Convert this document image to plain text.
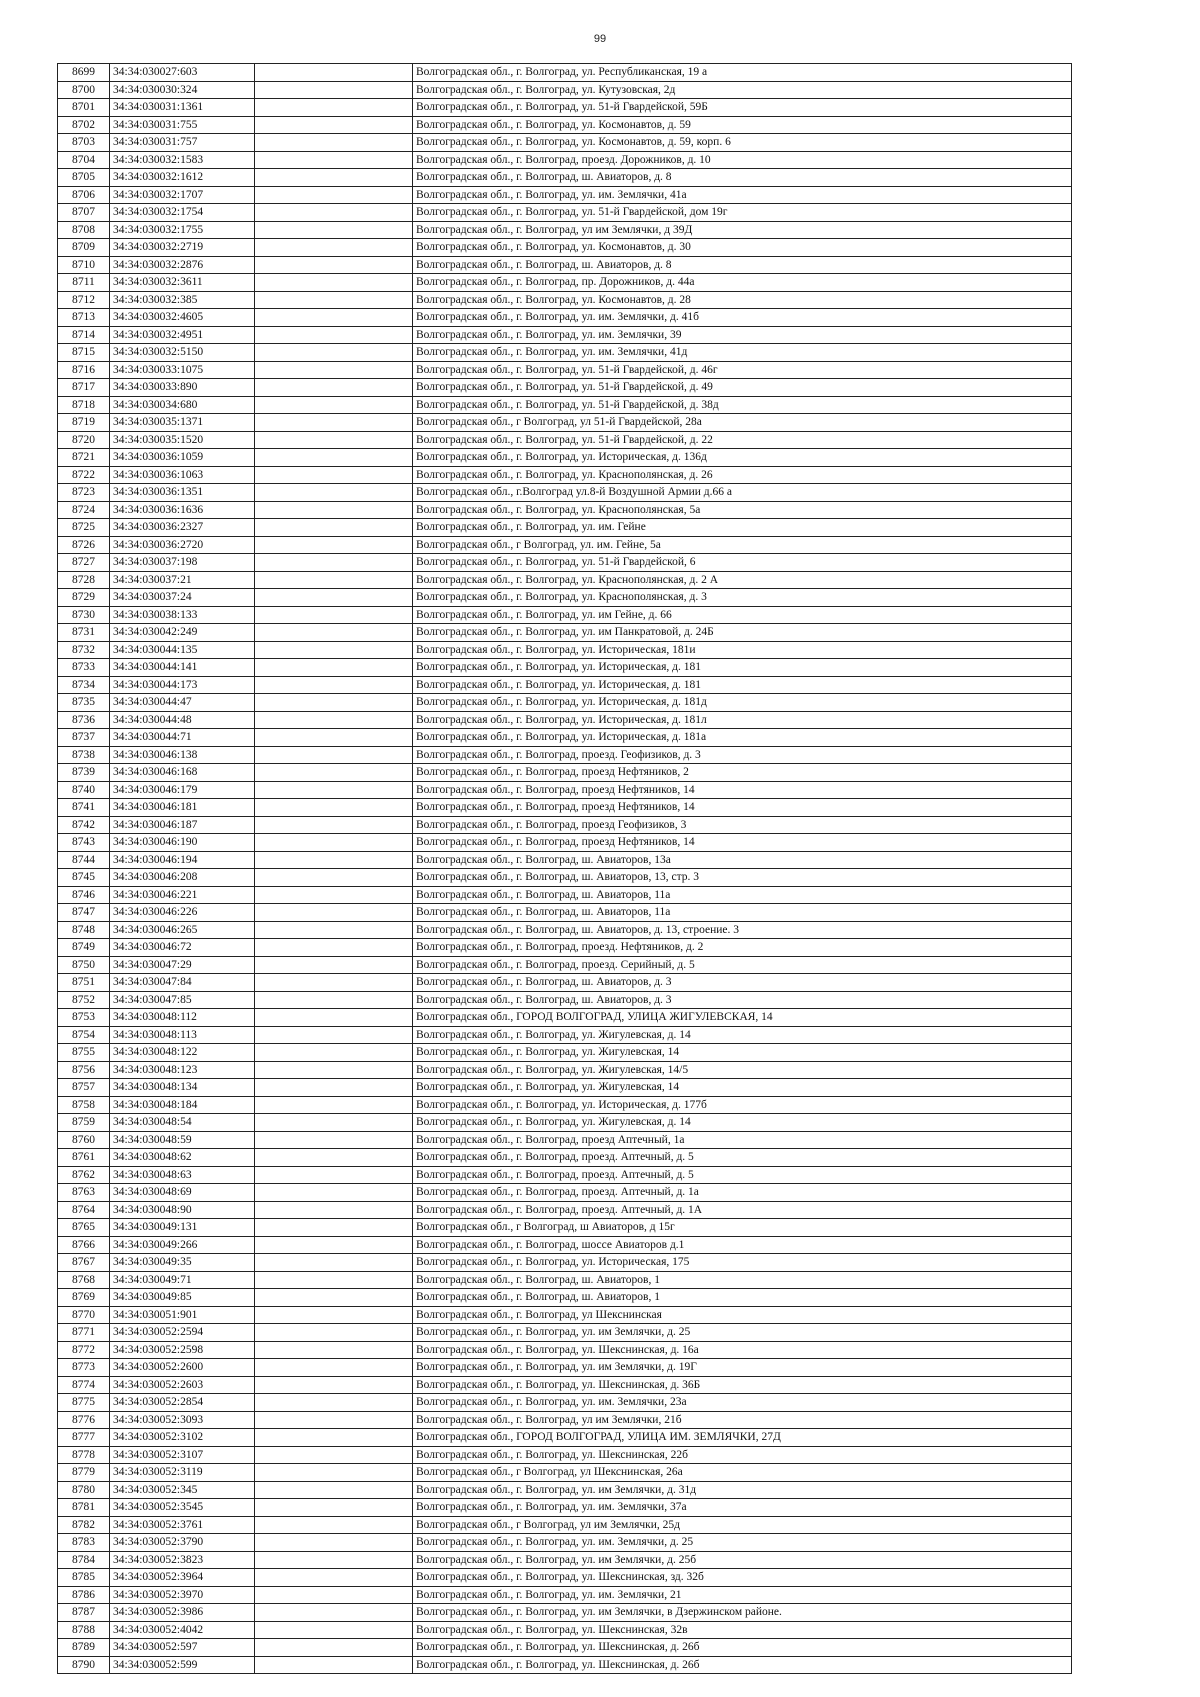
99
8699	34:34:030027:603		Волгоградская обл., г. Волгоград, ул. Республиканская, 19 а
8700	34:34:030030:324		Волгоградская обл., г. Волгоград, ул. Кутузовская, 2д
8701	34:34:030031:1361		Волгоградская обл., г. Волгоград, ул. 51-й Гвардейской, 59Б
8702	34:34:030031:755		Волгоградская обл., г. Волгоград, ул. Космонавтов, д. 59
8703	34:34:030031:757		Волгоградская обл., г. Волгоград, ул. Космонавтов, д. 59, корп. 6
8704	34:34:030032:1583		Волгоградская обл., г. Волгоград, проезд. Дорожников, д. 10
8705	34:34:030032:1612		Волгоградская обл., г. Волгоград, ш. Авиаторов, д. 8
8706	34:34:030032:1707		Волгоградская обл., г. Волгоград, ул. им. Землячки, 41а
8707	34:34:030032:1754		Волгоградская обл., г. Волгоград, ул. 51-й Гвардейской, дом 19г
8708	34:34:030032:1755		Волгоградская обл., г. Волгоград, ул им Землячки, д 39Д
8709	34:34:030032:2719		Волгоградская обл., г. Волгоград, ул. Космонавтов, д. 30
8710	34:34:030032:2876		Волгоградская обл., г. Волгоград, ш. Авиаторов, д. 8
8711	34:34:030032:3611		Волгоградская обл., г. Волгоград, пр. Дорожников, д. 44а
8712	34:34:030032:385		Волгоградская обл., г. Волгоград, ул. Космонавтов, д. 28
8713	34:34:030032:4605		Волгоградская обл., г. Волгоград, ул. им. Землячки, д. 41б
8714	34:34:030032:4951		Волгоградская обл., г. Волгоград, ул. им. Землячки, 39
8715	34:34:030032:5150		Волгоградская обл., г. Волгоград, ул. им. Землячки, 41д
8716	34:34:030033:1075		Волгоградская обл., г. Волгоград, ул. 51-й Гвардейской, д. 46г
8717	34:34:030033:890		Волгоградская обл., г. Волгоград, ул. 51-й Гвардейской, д. 49
8718	34:34:030034:680		Волгоградская обл., г. Волгоград, ул. 51-й Гвардейской, д. 38д
8719	34:34:030035:1371		Волгоградская обл., г Волгоград, ул 51-й Гвардейской, 28а
8720	34:34:030035:1520		Волгоградская обл., г. Волгоград, ул. 51-й Гвардейской, д. 22
8721	34:34:030036:1059		Волгоградская обл., г. Волгоград, ул. Историческая, д. 136д
8722	34:34:030036:1063		Волгоградская обл., г. Волгоград, ул. Краснополянская, д. 26
8723	34:34:030036:1351		Волгоградская обл., г.Волгоград ул.8-й Воздушной Армии д.66 а
8724	34:34:030036:1636		Волгоградская обл., г. Волгоград, ул. Краснополянская, 5а
8725	34:34:030036:2327		Волгоградская обл., г. Волгоград, ул. им. Гейне
8726	34:34:030036:2720		Волгоградская обл., г Волгоград, ул. им. Гейне, 5а
8727	34:34:030037:198		Волгоградская обл., г. Волгоград, ул. 51-й Гвардейской, 6
8728	34:34:030037:21		Волгоградская обл., г. Волгоград, ул. Краснополянская, д. 2 А
8729	34:34:030037:24		Волгоградская обл., г. Волгоград, ул. Краснополянская, д. 3
8730	34:34:030038:133		Волгоградская обл., г. Волгоград, ул. им Гейне, д. 66
8731	34:34:030042:249		Волгоградская обл., г. Волгоград, ул. им Панкратовой, д. 24Б
8732	34:34:030044:135		Волгоградская обл., г. Волгоград, ул. Историческая, 181и
8733	34:34:030044:141		Волгоградская обл., г. Волгоград, ул. Историческая, д. 181
8734	34:34:030044:173		Волгоградская обл., г. Волгоград, ул. Историческая, д. 181
8735	34:34:030044:47		Волгоградская обл., г. Волгоград, ул. Историческая, д. 181д
8736	34:34:030044:48		Волгоградская обл., г. Волгоград, ул. Историческая, д. 181л
8737	34:34:030044:71		Волгоградская обл., г. Волгоград, ул. Историческая, д. 181а
8738	34:34:030046:138		Волгоградская обл., г. Волгоград, проезд. Геофизиков, д. 3
8739	34:34:030046:168		Волгоградская обл., г. Волгоград, проезд Нефтяников, 2
8740	34:34:030046:179		Волгоградская обл., г. Волгоград, проезд Нефтяников, 14
8741	34:34:030046:181		Волгоградская обл., г. Волгоград, проезд Нефтяников, 14
8742	34:34:030046:187		Волгоградская обл., г. Волгоград, проезд Геофизиков, 3
8743	34:34:030046:190		Волгоградская обл., г. Волгоград, проезд Нефтяников, 14
8744	34:34:030046:194		Волгоградская обл., г. Волгоград, ш. Авиаторов, 13а
8745	34:34:030046:208		Волгоградская обл., г. Волгоград, ш. Авиаторов, 13, стр. 3
8746	34:34:030046:221		Волгоградская обл., г. Волгоград, ш. Авиаторов, 11а
8747	34:34:030046:226		Волгоградская обл., г. Волгоград, ш. Авиаторов, 11а
8748	34:34:030046:265		Волгоградская обл., г. Волгоград, ш. Авиаторов, д. 13, строение. 3
8749	34:34:030046:72		Волгоградская обл., г. Волгоград, проезд. Нефтяников, д. 2
8750	34:34:030047:29		Волгоградская обл., г. Волгоград, проезд. Серийный, д. 5
8751	34:34:030047:84		Волгоградская обл., г. Волгоград, ш. Авиаторов, д. 3
8752	34:34:030047:85		Волгоградская обл., г. Волгоград, ш. Авиаторов, д. 3
8753	34:34:030048:112		Волгоградская обл., ГОРОД ВОЛГОГРАД, УЛИЦА ЖИГУЛЕВСКАЯ, 14
8754	34:34:030048:113		Волгоградская обл., г. Волгоград, ул. Жигулевская, д. 14
8755	34:34:030048:122		Волгоградская обл., г. Волгоград, ул. Жигулевская, 14
8756	34:34:030048:123		Волгоградская обл., г. Волгоград, ул. Жигулевская, 14/5
8757	34:34:030048:134		Волгоградская обл., г. Волгоград, ул. Жигулевская, 14
8758	34:34:030048:184		Волгоградская обл., г. Волгоград, ул. Историческая, д. 177б
8759	34:34:030048:54		Волгоградская обл., г. Волгоград, ул. Жигулевская, д. 14
8760	34:34:030048:59		Волгоградская обл., г. Волгоград, проезд Аптечный, 1а
8761	34:34:030048:62		Волгоградская обл., г. Волгоград, проезд. Аптечный, д. 5
8762	34:34:030048:63		Волгоградская обл., г. Волгоград, проезд. Аптечный, д. 5
8763	34:34:030048:69		Волгоградская обл., г. Волгоград, проезд. Аптечный, д. 1а
8764	34:34:030048:90		Волгоградская обл., г. Волгоград, проезд. Аптечный, д. 1А
8765	34:34:030049:131		Волгоградская обл., г Волгоград, ш Авиаторов, д 15г
8766	34:34:030049:266		Волгоградская обл., г. Волгоград, шоссе Авиаторов д.1
8767	34:34:030049:35		Волгоградская обл., г. Волгоград, ул. Историческая, 175
8768	34:34:030049:71		Волгоградская обл., г. Волгоград, ш. Авиаторов, 1
8769	34:34:030049:85		Волгоградская обл., г. Волгоград, ш. Авиаторов, 1
8770	34:34:030051:901		Волгоградская обл., г. Волгоград, ул Шекснинская
8771	34:34:030052:2594		Волгоградская обл., г. Волгоград, ул. им Землячки, д. 25
8772	34:34:030052:2598		Волгоградская обл., г. Волгоград, ул. Шекснинская, д. 16а
8773	34:34:030052:2600		Волгоградская обл., г. Волгоград, ул. им Землячки, д. 19Г
8774	34:34:030052:2603		Волгоградская обл., г. Волгоград, ул. Шекснинская, д. 36Б
8775	34:34:030052:2854		Волгоградская обл., г. Волгоград, ул. им. Землячки, 23а
8776	34:34:030052:3093		Волгоградская обл., г. Волгоград, ул им Землячки, 21б
8777	34:34:030052:3102		Волгоградская обл., ГОРОД ВОЛГОГРАД, УЛИЦА ИМ. ЗЕМЛЯЧКИ, 27Д
8778	34:34:030052:3107		Волгоградская обл., г. Волгоград, ул. Шекснинская, 22б
8779	34:34:030052:3119		Волгоградская обл., г Волгоград, ул Шекснинская, 26а
8780	34:34:030052:345		Волгоградская обл., г. Волгоград, ул. им Землячки, д. 31д
8781	34:34:030052:3545		Волгоградская обл., г. Волгоград, ул. им. Землячки, 37а
8782	34:34:030052:3761		Волгоградская обл., г Волгоград, ул им Землячки, 25д
8783	34:34:030052:3790		Волгоградская обл., г. Волгоград, ул. им. Землячки, д. 25
8784	34:34:030052:3823		Волгоградская обл., г. Волгоград, ул. им Землячки, д. 25б
8785	34:34:030052:3964		Волгоградская обл., г. Волгоград, ул. Шекснинская, зд. 32б
8786	34:34:030052:3970		Волгоградская обл., г. Волгоград, ул. им. Землячки, 21
8787	34:34:030052:3986		Волгоградская обл., г. Волгоград, ул. им Землячки, в Дзержинском районе.
8788	34:34:030052:4042		Волгоградская обл., г. Волгоград, ул. Шекснинская, 32в
8789	34:34:030052:597		Волгоградская обл., г. Волгоград, ул. Шекснинская, д. 26б
8790	34:34:030052:599		Волгоградская обл., г. Волгоград, ул. Шекснинская, д. 26б
